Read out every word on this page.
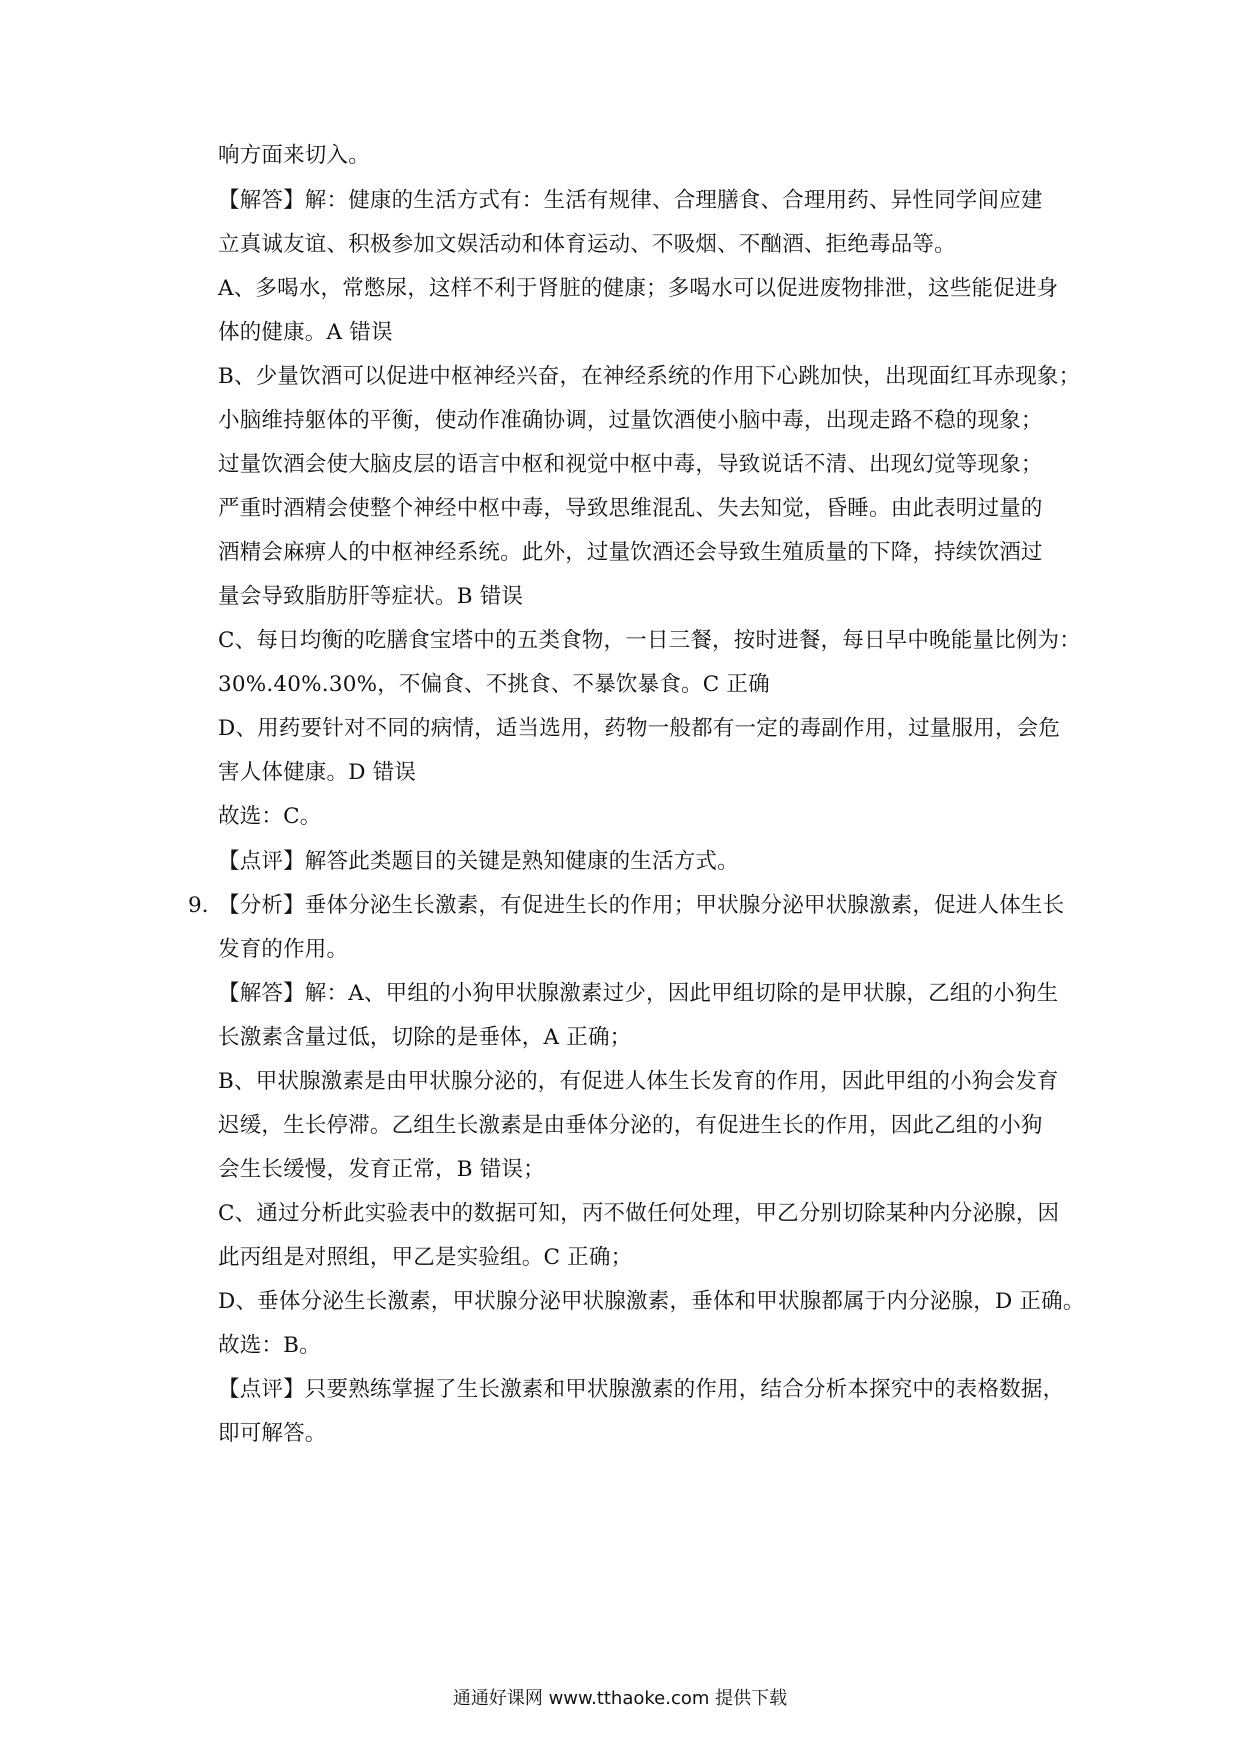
响方面来切入。
【解答】解：健康的生活方式有：生活有规律、合理膳食、合理用药、异性同学间应建
立真诚友谊、积极参加文娱活动和体育运动、不吸烟、不酗酒、拒绝毒品等。
A、多喝水，常憋尿，这样不利于肾脏的健康；多喝水可以促进废物排泄，这些能促进身
体的健康。A 错误
B、少量饮酒可以促进中枢神经兴奋，在神经系统的作用下心跳加快，出现面红耳赤现象；
小脑维持躯体的平衡，使动作准确协调，过量饮酒使小脑中毒，出现走路不稳的现象；
过量饮酒会使大脑皮层的语言中枢和视觉中枢中毒，导致说话不清、出现幻觉等现象；
严重时酒精会使整个神经中枢中毒，导致思维混乱、失去知觉，昏睡。由此表明过量的
酒精会麻痹人的中枢神经系统。此外，过量饮酒还会导致生殖质量的下降，持续饮酒过
量会导致脂肪肝等症状。B 错误
C、每日均衡的吃膳食宝塔中的五类食物，一日三餐，按时进餐，每日早中晚能量比例为：
30%.40%.30%，不偏食、不挑食、不暴饮暴食。C 正确
D、用药要针对不同的病情，适当选用，药物一般都有一定的毒副作用，过量服用，会危
害人体健康。D 错误
故选：C。
【点评】解答此类题目的关键是熟知健康的生活方式。
9. 【分析】垂体分泌生长激素，有促进生长的作用；甲状腺分泌甲状腺激素，促进人体生长
发育的作用。
【解答】解：A、甲组的小狗甲状腺激素过少，因此甲组切除的是甲状腺，乙组的小狗生
长激素含量过低，切除的是垂体，A 正确；
B、甲状腺激素是由甲状腺分泌的，有促进人体生长发育的作用，因此甲组的小狗会发育
迟缓，生长停滞。乙组生长激素是由垂体分泌的，有促进生长的作用，因此乙组的小狗
会生长缓慢，发育正常，B 错误；
C、通过分析此实验表中的数据可知，丙不做任何处理，甲乙分别切除某种内分泌腺，因
此丙组是对照组，甲乙是实验组。C 正确；
D、垂体分泌生长激素，甲状腺分泌甲状腺激素，垂体和甲状腺都属于内分泌腺，D 正确。
故选：B。
【点评】只要熟练掌握了生长激素和甲状腺激素的作用，结合分析本探究中的表格数据，
即可解答。
通通好课网 www.tthaoke.com 提供下载
